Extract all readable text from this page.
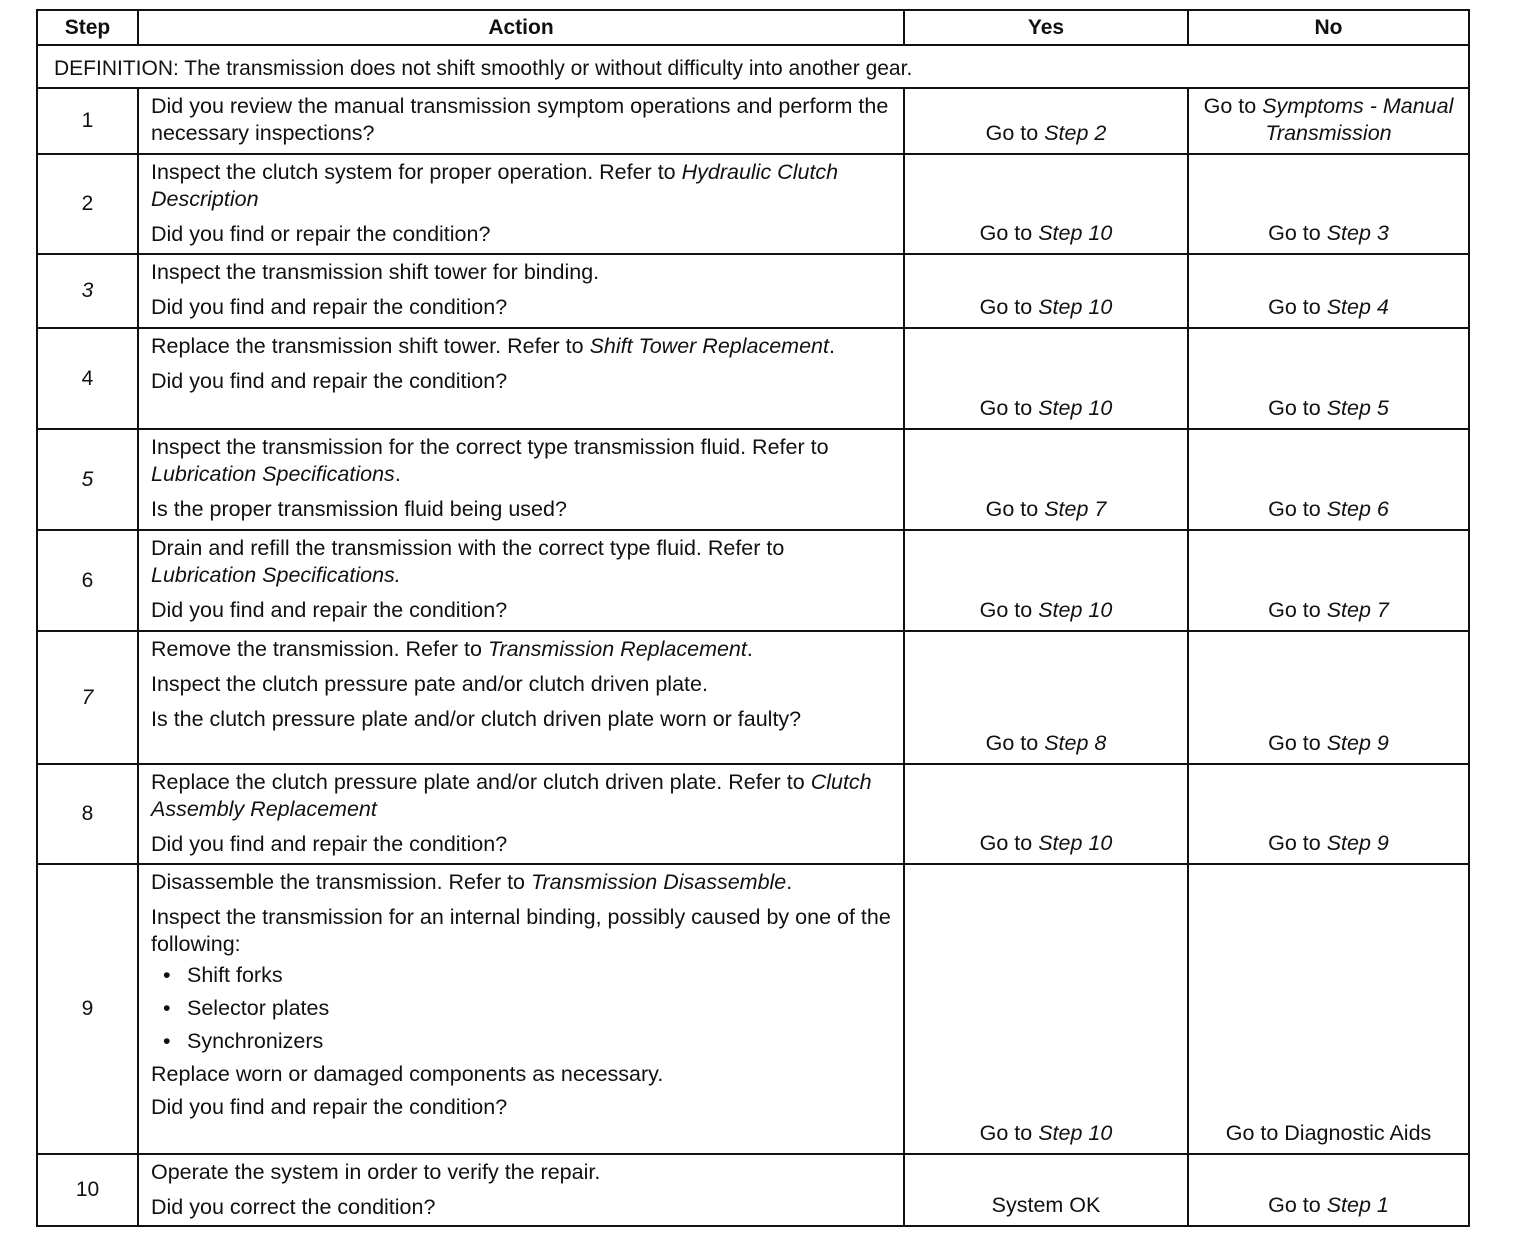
Step	Action	Yes	No
DEFINITION: The transmission does not shift smoothly or without difficulty into another gear.			
1	Did you review the manual transmission symptom operations and perform the necessary inspections?	Go to Step 2	Go to Symptoms - Manual Transmission
2	Inspect the clutch system for proper operation. Refer to Hydraulic Clutch Description

Did you find or repair the condition?	Go to Step 10	Go to Step 3
3	Inspect the transmission shift tower for binding.

Did you find and repair the condition?	Go to Step 10	Go to Step 4
4	Replace the transmission shift tower. Refer to Shift Tower Replacement.

Did you find and repair the condition?	Go to Step 10	Go to Step 5
5	Inspect the transmission for the correct type transmission fluid. Refer to Lubrication Specifications.

Is the proper transmission fluid being used?	Go to Step 7	Go to Step 6
6	Drain and refill the transmission with the correct type fluid. Refer to Lubrication Specifications.

Did you find and repair the condition?	Go to Step 10	Go to Step 7
7	Remove the transmission. Refer to Transmission Replacement.

Inspect the clutch pressure pate and/or clutch driven plate.

Is the clutch pressure plate and/or clutch driven plate worn or faulty?	Go to Step 8	Go to Step 9
8	Replace the clutch pressure plate and/or clutch driven plate. Refer to Clutch Assembly Replacement

Did you find and repair the condition?	Go to Step 10	Go to Step 9
9	

Disassemble the transmission. Refer to Transmission Disassemble.

Inspect the transmission for an internal binding, possibly caused by one of the following:

• Shift forks
• Selector plates
• Synchronizers

Replace worn or damaged components as necessary.

Did you find and repair the condition?

	Go to Step 10	Go to Diagnostic Aids
10	Operate the system in order to verify the repair.

Did you correct the condition?	System OK	Go to Step 1
